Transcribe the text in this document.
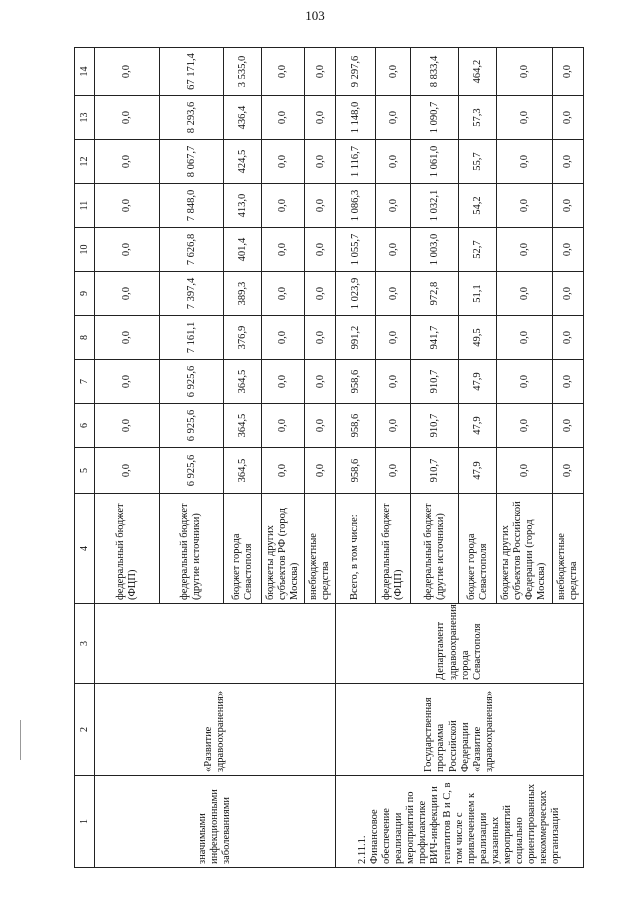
103
1	2	3	4	5	6	7	8	9	10	11	12	13	14
значимыми инфекционными заболеваниями	«Развитие здравоохранения»		федеральный бюджет (ФЦП)	0,0	0,0	0,0	0,0	0,0	0,0	0,0	0,0	0,0	0,0
			федеральный бюджет (другие источники)	6 925,6	6 925,6	6 925,6	7 161,1	7 397,4	7 626,8	7 848,0	8 067,7	8 293,6	67 171,4
			бюджет города Севастополя	364,5	364,5	364,5	376,9	389,3	401,4	413,0	424,5	436,4	3 535,0
			бюджеты других субъектов РФ (город Москва)	0,0	0,0	0,0	0,0	0,0	0,0	0,0	0,0	0,0	0,0
			внебюджетные средства	0,0	0,0	0,0	0,0	0,0	0,0	0,0	0,0	0,0	0,0
2.11.1. Финансовое обеспечение реализации мероприятий по профилактике ВИЧ-инфекции и гепатитов B и C, в том числе с привлечением к реализации указанных мероприятий социально ориентированных некоммерческих организаций	Государственная программа Российской Федерации «Развитие здравоохранения»	Департамент здравоохранения города Севастополя	Всего, в том числе:	958,6	958,6	958,6	991,2	1 023,9	1 055,7	1 086,3	1 116,7	1 148,0	9 297,6
			федеральный бюджет (ФЦП)	0,0	0,0	0,0	0,0	0,0	0,0	0,0	0,0	0,0	0,0
			федеральный бюджет (другие источники)	910,7	910,7	910,7	941,7	972,8	1 003,0	1 032,1	1 061,0	1 090,7	8 833,4
			бюджет города Севастополя	47,9	47,9	47,9	49,5	51,1	52,7	54,2	55,7	57,3	464,2
			бюджеты других субъектов Российской Федерации (город Москва)	0,0	0,0	0,0	0,0	0,0	0,0	0,0	0,0	0,0	0,0
			внебюджетные средства	0,0	0,0	0,0	0,0	0,0	0,0	0,0	0,0	0,0	0,0
